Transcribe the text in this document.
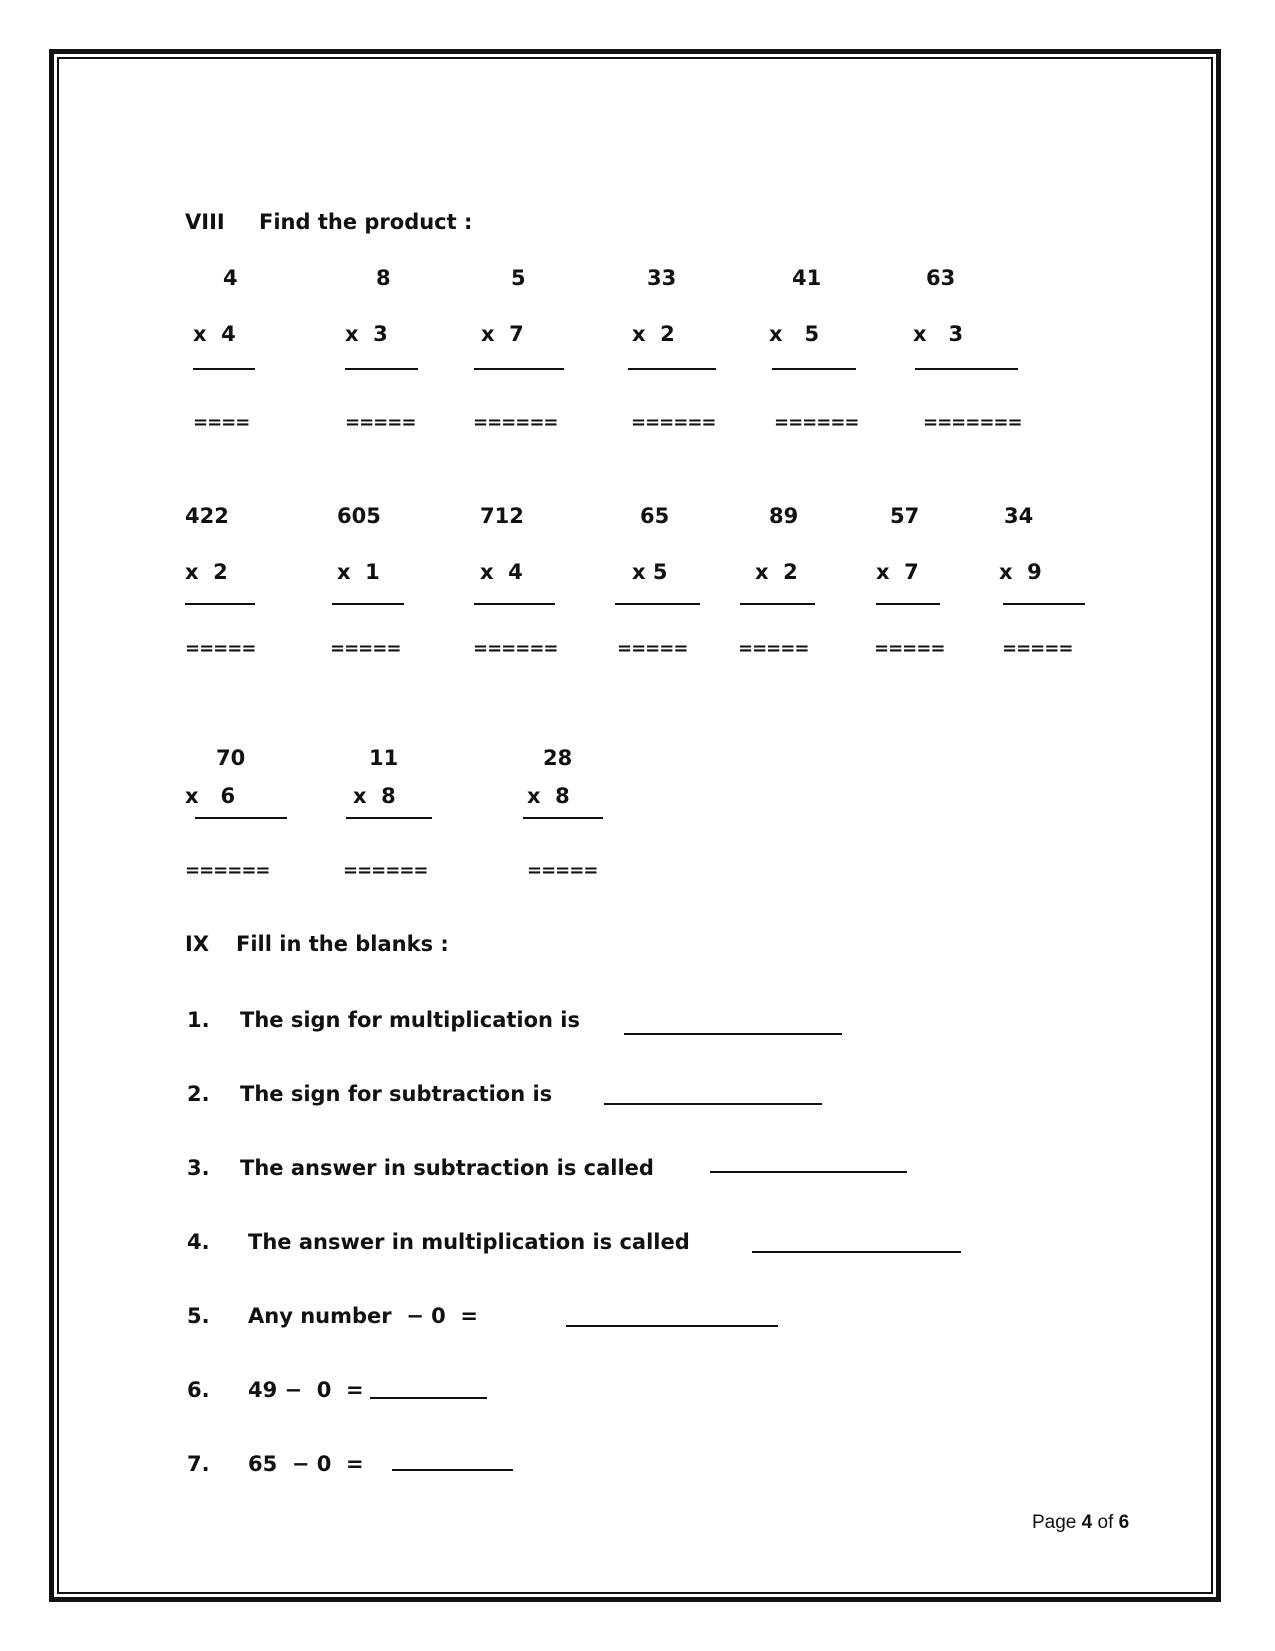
VIII Find the product :
4	8	5	33	41	63
x  4	x  3	x  7	x  2	x   5	x   3
====	=====	======	======	======	=======
422	605	712	65	89	57	34
x  2	x  1	x  4	x 5	x  2	x  7	x  9
=====	=====	======	=====	=====	=====	=====
70	11	28
x   6	x  8	x  8
======	======	=====
IX Fill in the blanks :
1. The sign for multiplication is
2. The sign for subtraction is
3. The answer in subtraction is called
4. The answer in multiplication is called
5. Any number  − 0  =
6. 49 −  0  =
7. 65  − 0  =
Page 4 of 6
